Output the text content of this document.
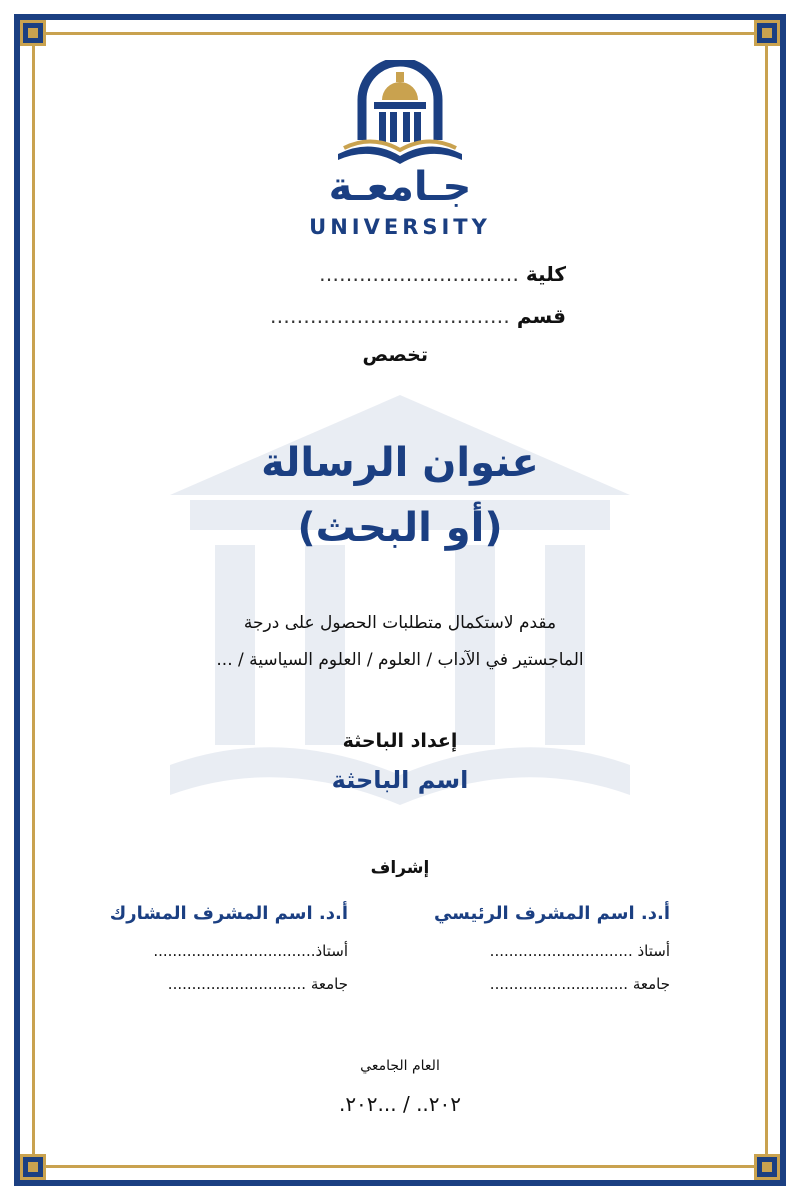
جـامعـة
UNIVERSITY
كلية …………………………
قسم ………………………………
تخصص
عنوان الرسالة
(أو البحث)
مقدم لاستكمال متطلبات الحصول على درجة
الماجستير في الآداب / العلوم / العلوم السياسية / ...
إعداد الباحثة
اسم الباحثة
إشراف
أ.د. اسم المشرف الرئيسي
أستاذ ..............................
جامعة .............................
أ.د. اسم المشرف المشارك
أستاذ..................................
جامعة .............................
العام الجامعي
٢٠٢.. / ...٢٠٢.
